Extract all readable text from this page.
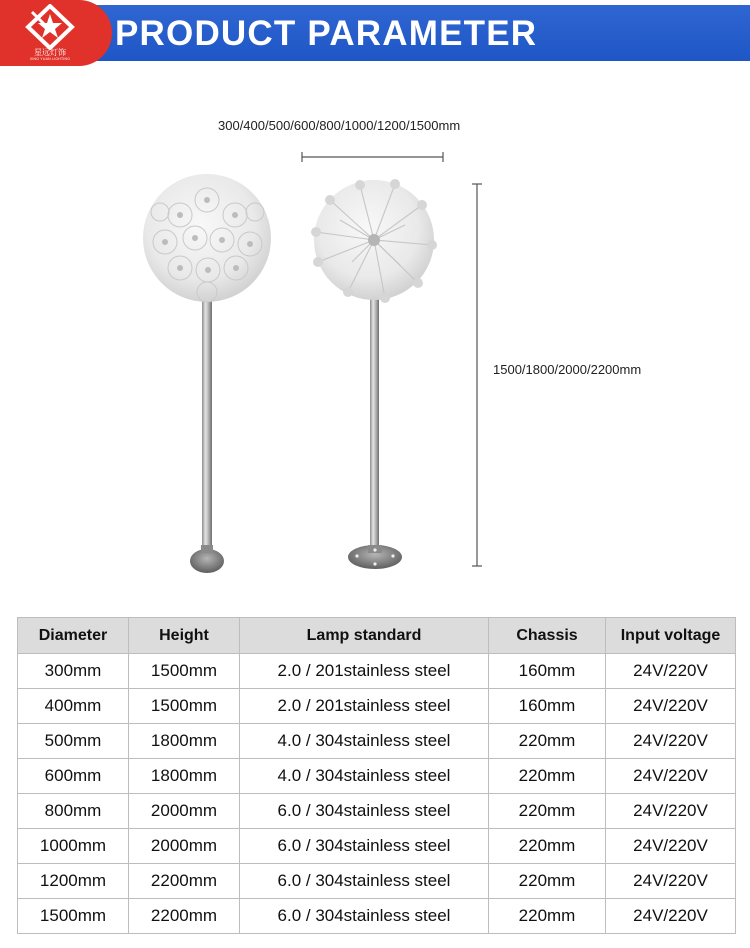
星远灯饰
XING YUAN LIGHTING
PRODUCT PARAMETER
300/400/500/600/800/1000/1200/1500mm
1500/1800/2000/2200mm
Diameter	Height	Lamp standard	Chassis	Input voltage
300mm	1500mm	2.0 / 201stainless steel	160mm	24V/220V
400mm	1500mm	2.0 / 201stainless steel	160mm	24V/220V
500mm	1800mm	4.0 / 304stainless steel	220mm	24V/220V
600mm	1800mm	4.0 / 304stainless steel	220mm	24V/220V
800mm	2000mm	6.0 / 304stainless steel	220mm	24V/220V
1000mm	2000mm	6.0 / 304stainless steel	220mm	24V/220V
1200mm	2200mm	6.0 / 304stainless steel	220mm	24V/220V
1500mm	2200mm	6.0 / 304stainless steel	220mm	24V/220V
